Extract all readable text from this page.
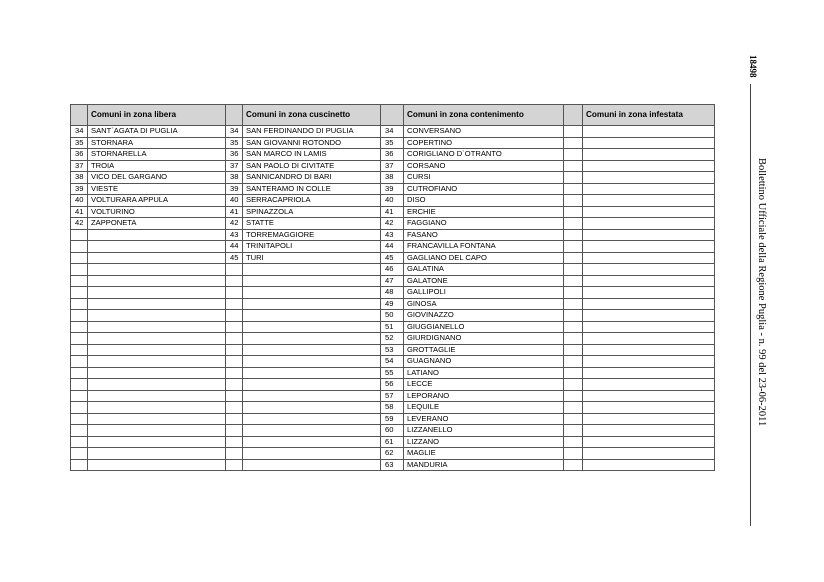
	Comuni in zona libera		Comuni in zona cuscinetto		Comuni in zona contenimento		Comuni in zona infestata
34	SANT`AGATA DI PUGLIA	34	SAN FERDINANDO DI PUGLIA	34	CONVERSANO		
35	STORNARA	35	SAN GIOVANNI ROTONDO	35	COPERTINO		
36	STORNARELLA	36	SAN MARCO IN LAMIS	36	CORIGLIANO D`OTRANTO		
37	TROIA	37	SAN PAOLO DI CIVITATE	37	CORSANO		
38	VICO DEL GARGANO	38	SANNICANDRO DI BARI	38	CURSI		
39	VIESTE	39	SANTERAMO IN COLLE	39	CUTROFIANO		
40	VOLTURARA APPULA	40	SERRACAPRIOLA	40	DISO		
41	VOLTURINO	41	SPINAZZOLA	41	ERCHIE		
42	ZAPPONETA	42	STATTE	42	FAGGIANO		
		43	TORREMAGGIORE	43	FASANO		
		44	TRINITAPOLI	44	FRANCAVILLA FONTANA		
		45	TURI	45	GAGLIANO DEL CAPO		
				46	GALATINA		
				47	GALATONE		
				48	GALLIPOLI		
				49	GINOSA		
				50	GIOVINAZZO		
				51	GIUGGIANELLO		
				52	GIURDIGNANO		
				53	GROTTAGLIE		
				54	GUAGNANO		
				55	LATIANO		
				56	LECCE		
				57	LEPORANO		
				58	LEQUILE		
				59	LEVERANO		
				60	LIZZANELLO		
				61	LIZZANO		
				62	MAGLIE		
				63	MANDURIA		
18498
Bollettino Ufficiale della Regione Puglia - n. 99 del 23-06-2011
